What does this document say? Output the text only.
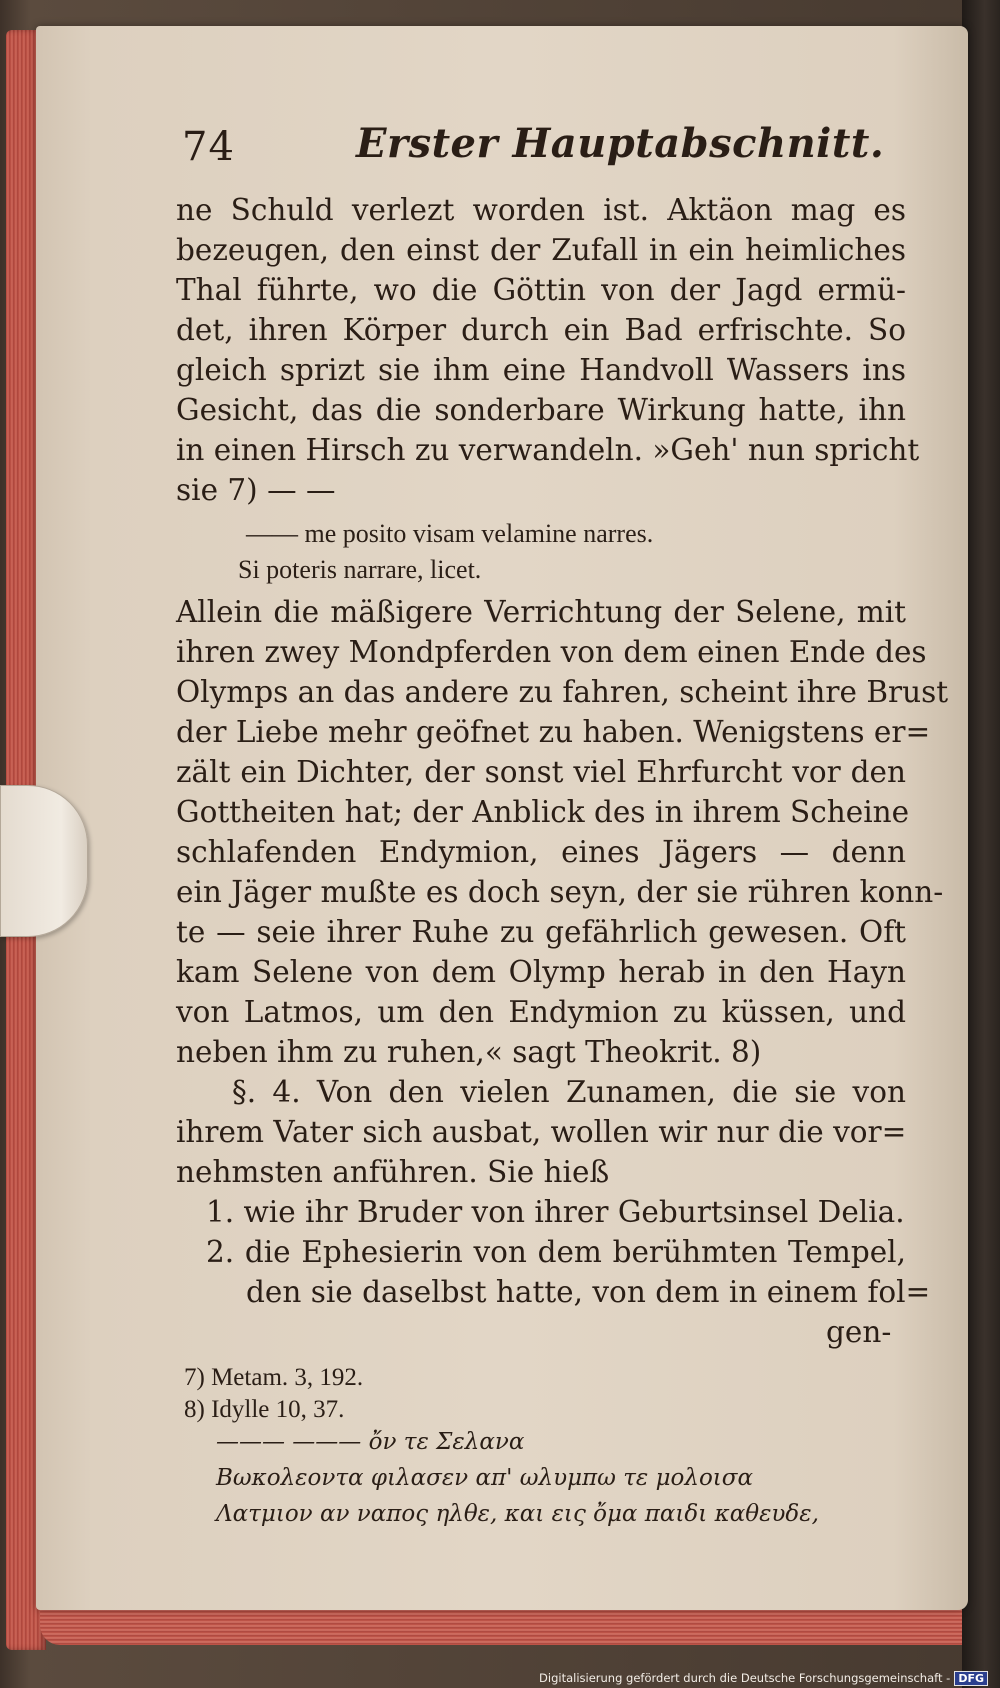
74	Erster Hauptabschnitt.
ne Schuld verlezt worden ist. Aktäon mag es
bezeugen, den einst der Zufall in ein heimliches
Thal führte, wo die Göttin von der Jagd ermü-
det, ihren Körper durch ein Bad erfrischte. So
gleich sprizt sie ihm eine Handvoll Wassers ins
Gesicht, das die sonderbare Wirkung hatte, ihn
in einen Hirsch zu verwandeln. »Geh' nun spricht
sie 7) — —
—— me posito visam velamine narres.
Si poteris narrare, licet.
Allein die mäßigere Verrichtung der Selene, mit
ihren zwey Mondpferden von dem einen Ende des
Olymps an das andere zu fahren, scheint ihre Brust
der Liebe mehr geöfnet zu haben. Wenigstens er=
zält ein Dichter, der sonst viel Ehrfurcht vor den
Gottheiten hat; der Anblick des in ihrem Scheine
schlafenden Endymion, eines Jägers — denn
ein Jäger mußte es doch seyn, der sie rühren konn-
te — seie ihrer Ruhe zu gefährlich gewesen. Oft
kam Selene von dem Olymp herab in den Hayn
von Latmos, um den Endymion zu küssen, und
neben ihm zu ruhen,« sagt Theokrit. 8)
§. 4. Von den vielen Zunamen, die sie von
ihrem Vater sich ausbat, wollen wir nur die vor=
nehmsten anführen. Sie hieß
1. wie ihr Bruder von ihrer Geburtsinsel Delia.
2. die Ephesierin von dem berühmten Tempel,
den sie daselbst hatte, von dem in einem fol=
gen-
7) Metam. 3, 192.
8) Idylle 10, 37.
——— ——— ὄν τε Σελανα
Βωκολεοντα φιλασεν απ' ωλυμπω τε μολοισα
Λατμιον αν ναπος ηλθε, και εις ὄμα παιδι καθευδε,
Digitalisierung gefördert durch die Deutsche Forschungsgemeinschaft - DFG
